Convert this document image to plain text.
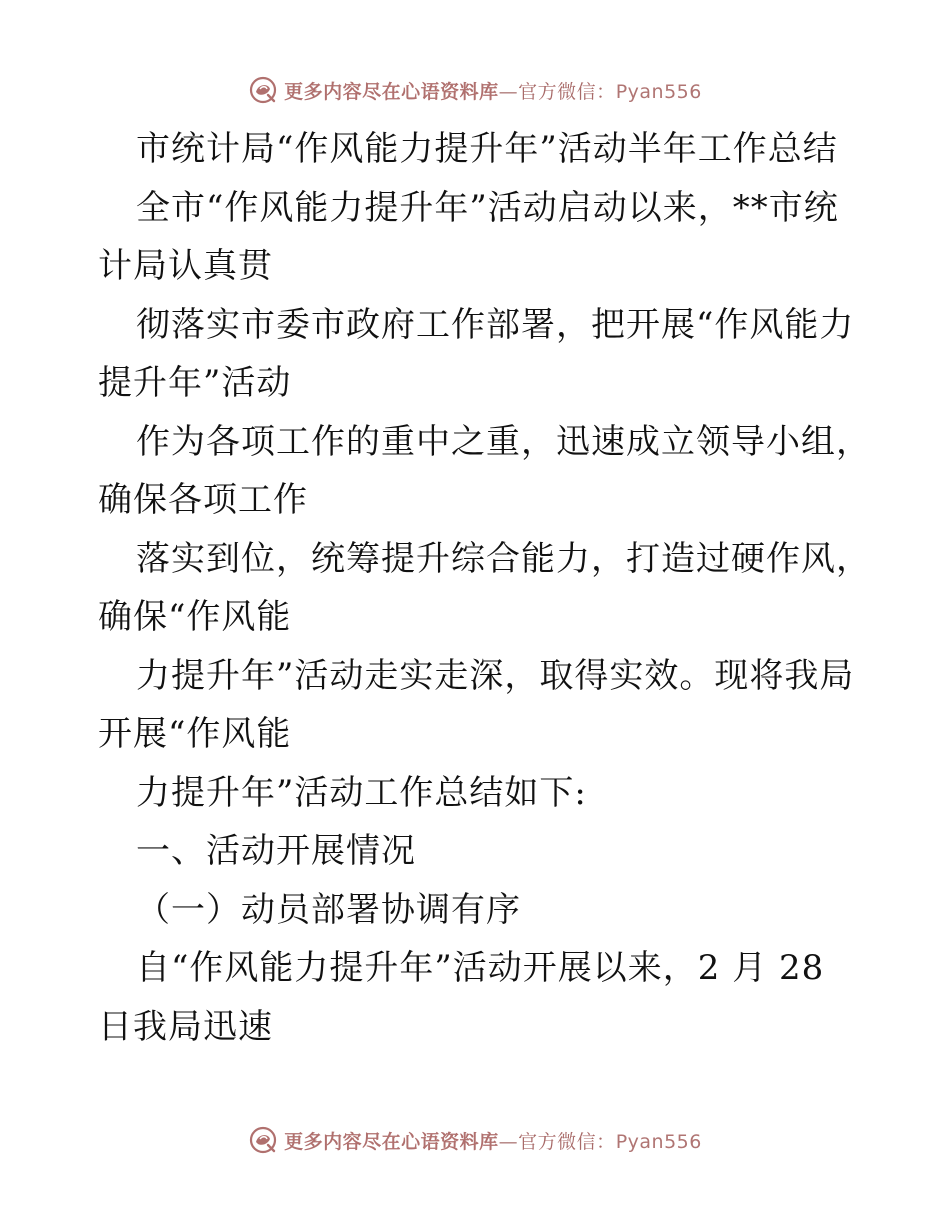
更多内容尽在心语资料库—官方微信：Pyan556
市统计局“作风能力提升年”活动半年工作总结
全市“作风能力提升年”活动启动以来，**市统
计局认真贯
彻落实市委市政府工作部署，把开展“作风能力
提升年”活动
作为各项工作的重中之重，迅速成立领导小组，
确保各项工作
落实到位，统筹提升综合能力，打造过硬作风，
确保“作风能
力提升年”活动走实走深，取得实效。现将我局
开展“作风能
力提升年”活动工作总结如下:
一、活动开展情况
（一）动员部署协调有序
自“作风能力提升年”活动开展以来，2 月 28
日我局迅速
更多内容尽在心语资料库—官方微信：Pyan556
